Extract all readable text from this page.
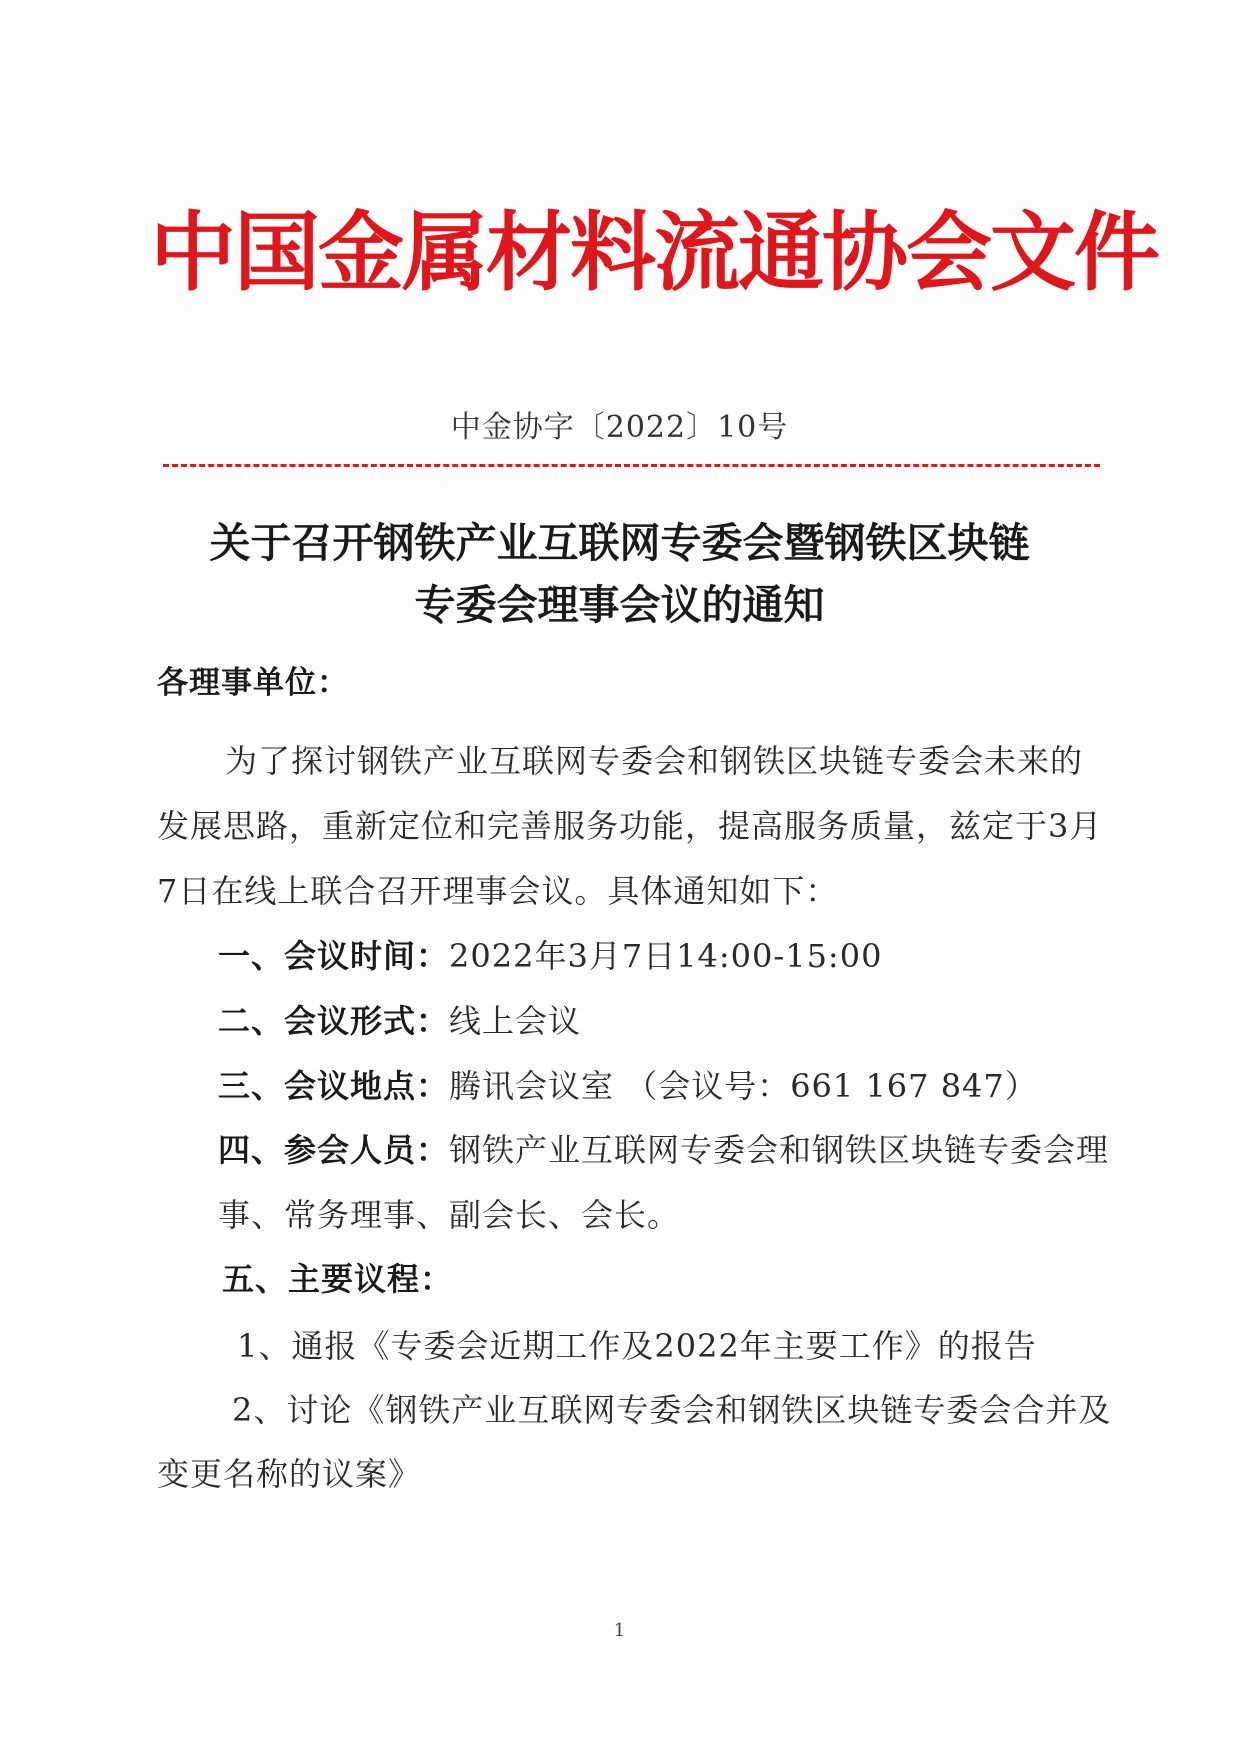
中国金属材料流通协会文件
中金协字〔2022〕10号
关于召开钢铁产业互联网专委会暨钢铁区块链
专委会理事会议的通知
各理事单位：
为了探讨钢铁产业互联网专委会和钢铁区块链专委会未来的
发展思路，重新定位和完善服务功能，提高服务质量，兹定于3月
7日在线上联合召开理事会议。具体通知如下：
一、会议时间：2022年3月7日14:00-15:00
二、会议形式：线上会议
三、会议地点：腾讯会议室 （会议号：661 167 847）
四、参会人员：钢铁产业互联网专委会和钢铁区块链专委会理
事、常务理事、副会长、会长。
五、主要议程：
1、通报《专委会近期工作及2022年主要工作》的报告
2、讨论《钢铁产业互联网专委会和钢铁区块链专委会合并及
变更名称的议案》
1
